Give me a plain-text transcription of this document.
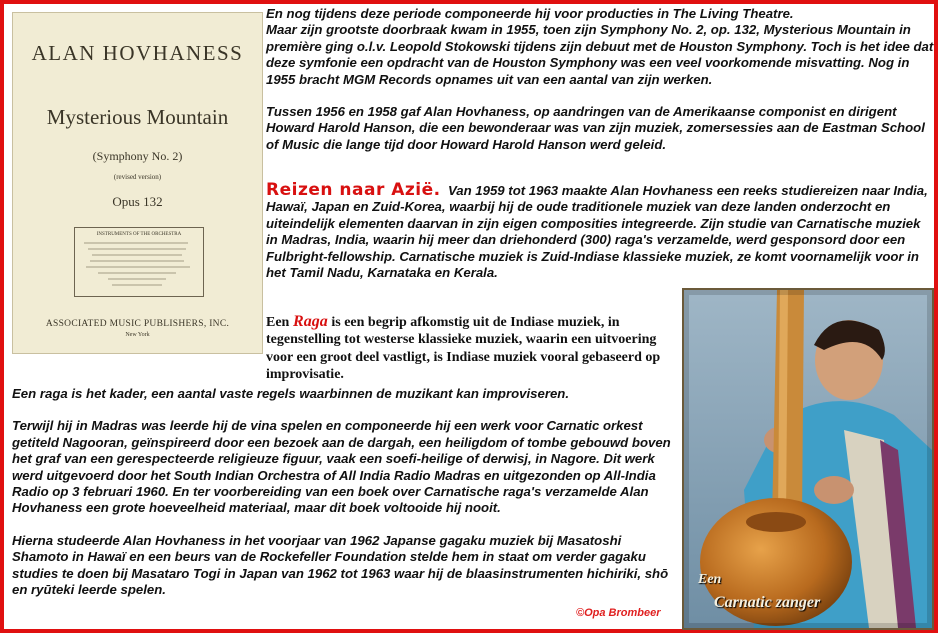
ALAN HOVHANESS
Mysterious Mountain
(Symphony No. 2)
(revised version)
Opus 132
INSTRUMENTS OF THE ORCHESTRA
ASSOCIATED MUSIC PUBLISHERS, INC.
New York

En nog tijdens deze periode componeerde hij voor producties in The Living Theatre.

Maar zijn grootste doorbraak kwam in 1955, toen zijn Symphony No. 2, op. 132, Mysterious Mountain in première ging o.l.v. Leopold Stokowski tijdens zijn debuut met de Houston Symphony. Toch is het idee dat deze symfonie een opdracht van de Houston Symphony was een veel voorkomende misvatting. Nog in 1955 bracht MGM Records opnames uit van een aantal van zijn werken.

Tussen 1956 en 1958 gaf Alan Hovhaness, op aandringen van de Amerikaanse componist en dirigent Howard Harold Hanson, die een bewonderaar was van zijn muziek, zomersessies aan de Eastman School of Music die lange tijd door Howard Harold Hanson werd geleid.

Reizen naar Azië. Van 1959 tot 1963 maakte Alan Hovhaness een reeks studiereizen naar India, Hawaï, Japan en Zuid-Korea, waarbij hij de oude traditionele muziek van deze landen onderzocht en uiteindelijk elementen daarvan in zijn eigen composities integreerde. Zijn studie van Carnatische muziek in Madras, India, waarin hij meer dan driehonderd (300) raga's verzamelde, werd gesponsord door een Fulbright-fellowship. Carnatische muziek is Zuid-Indiase klassieke muziek, ze komt voornamelijk voor in het Tamil Nadu, Karnataka en Kerala.

Een Raga is een begrip afkomstig uit de Indiase muziek, in tegenstelling tot westerse klassieke muziek, waarin een uitvoering voor een groot deel vastligt, is Indiase muziek vooral gebaseerd op improvisatie.

Een raga is het kader, een aantal vaste regels waarbinnen de muzikant kan improviseren.

Terwijl hij in Madras was leerde hij de vina spelen en componeerde hij een werk voor Carnatic orkest getiteld Nagooran, geïnspireerd door een bezoek aan de dargah, een heiligdom of tombe gebouwd boven het graf van een gerespecteerde religieuze figuur, vaak een soefi-heilige of derwisj, in Nagore. Dit werk werd uitgevoerd door het South Indian Orchestra of All India Radio Madras en uitgezonden op All-India Radio op 3 februari 1960. En ter voorbereiding van een boek over Carnatische raga's verzamelde Alan Hovhaness een grote hoeveelheid materiaal, maar dit boek voltooide hij nooit.

Hierna studeerde Alan Hovhaness in het voorjaar van 1962 Japanse gagaku muziek bij Masatoshi Shamoto in Hawaï en een beurs van de Rockefeller Foundation stelde hem in staat om verder gagaku studies te doen bij Masataro Togi in Japan van 1962 tot 1963 waar hij de blaasinstrumenten hichiriki, shō en ryūteki leerde spelen.

Een
Carnatic zanger
©Opa Brombeer
